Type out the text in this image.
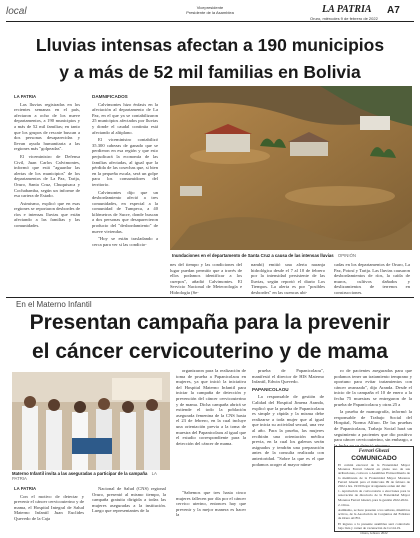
local	Vicepresidente
Presidente de la Asamblea	LA PATRIA
Oruro, miércoles 9 de febrero de 2022
A7
Lluvias intensas afectan a 190 municipios
y a más de 52 mil familias en Bolivia

LA PATRIA

Las lluvias registradas en los recientes semanas en el país, afectaron a ocho de los nueve departamentos, a 190 municipios y a más de 52 mil familias; en tanto que los grupos de rescate buscan a dos personas desaparecidas y llevan ayuda humanitaria a las regiones más "golpeadas".

El viceministro de Defensa Civil, Juan Carlos Calvimontes, informó que está "aguardar las alertas de los municipios" de los departamentos de La Paz, Tarija, Oruro, Santa Cruz, Chuquisaca y Cochabamba, según un informe de esa cartera de Estado.

Asimismo, explicó que en esas regiones se reportaron desbordes de ríos e intensas lluvias que están afectando a las familias y las comunidades.

DAMNIFICADOS

Calvimontes hizo énfasis en la afectación al departamento de La Paz, en el que ya se contabilizaron 25 municipios afectados por lluvias y donde el caudal continúa está afectando al altiplano.

El viceministro contabilizó 35.300 cabezas de ganado que se perdieron en esa región y que esto perjudicará la economía de las familias afectadas, al igual que la pérdida de las cosechas que, si bien en la pequeña escala, será un golpe para los consumidores del territorio.

Calvimontes dijo que un desbordamiento afectó a tres comunidades, en especial a la comunidad de Tumpeca, a 40 kilómetros de Sucre, donde buscan a dos personas que desaparecieron producto del "desbordamiento" de nueve viviendas.

"Hoy se están trasladando a cerca para ver si las condicio-

Inundaciones en el departamento de Santa Cruz a causa de las intensas lluvias OPINIÓN
nes del tiempo y las condiciones del lugar puedan permitir que a través de ellos podamos identificar a los cuerpos", añadió Calvimontes. El Servicio Nacional de Meteorología e Hidrología (Se-
nambi) emitió una alerta naranja hidrológica desde el 7 al 10 de febrero por la intensidad persistente de las lluvias, según reportó el diario Los Tiempos. La alerta es por "posibles desbordes" en las cuencas ubi-
cadas en los departamentos de Oruro, La Paz, Potosí y Tarija. Las lluvias causaron desbordamientos de ríos, la caída de muros, cultivos dañados y deslizamientos de terrenos en construcciones.
En el Materno Infantil
Presentan campaña para la prevenir
el cáncer cervicouterino y de mama
Materno Infantil invita a las aseguradas a participar de la campaña LA PATRIA

LA PATRIA

Con el motivo de detectar y prevenir el cáncer cervicouterino y de mama, el Hospital Integral de Salud Materno Infantil Juan Euclides Quevedo de la Caja

Nacional de Salud (CNS) regional Oruro, presentó al mismo tiempo, la campaña gratuita dirigida a todas las mujeres aseguradas a la institución. Luego que representantes de la

organizaron para la realización de toma de prueba a Papanicolaou en mujeres, ya que inició la iniciativa del Hospital Materno Infantil para iniciar la campaña de detección y prevención del cáncer cervicouterino y de mama. Dicha campaña abrirá se extiende el todo la población asegurada femenina de la CNS hasta el 23 de febrero, en la cual incluye una orientación previa a la toma de muestra del Papanicolaou al igual que el estudio correspondiente para la detección del cáncer de mama.

"Sabemos que tres hasta cinco mujeres fallecen por día por el cáncer cervico uterino, entonces hay que prevenir y la mejor manera es hacer la

prueba de Papanicolaou", manifestó el director de HIS Materno Infantil, Edwin Quevedo.

PAPANICOLAOU

La responsable de gestión de Calidad del Hospital Jimena Aranda, explicó que la prueba de Papanicolaou es simple y rápida y la misma debe realizarse a toda mujer que al igual que inicia su actividad sexual, una vez al año. Para la prueba, las mujeres recibirán una orientación médica previa, en la cual los galenos serán asignados y tendrán una preparación antes de la consulta realizada con anterioridad. "Sobre la que es el que podamos acoger al mayor núme-

ro de pacientes aseguradas para que podamos tener un tratamiento temprano y oportuno para evitar tratamientos con cáncer avanzado", dijo Aranda. Desde el inicio de la campaña el 10 de enero a la fecha 75 muestras se entregaron de la prueba de Papanicolaou y otras 25 a

la prueba de mamografía, informó la responsable de Trabajo Social del Hospital, Norma Alfaro. De las pruebas de Papanicolaou, Trabajo Social hará un seguimiento a pacientes que dio positivo para cáncer cervicouterino, sin embargo, a

Ferrari Ghezzi
COMUNICADO

El comité electoral de la Fraternidad Mayor Morenos Ferrari Ghezzi en pleno uso de sus atribuciones, convoca a Asamblea Extraordinaria de la membresía de la Fraternidad Mayor Morenos Ferrari Ghezzi para el miércoles 09 de febrero de 2022 a hrs. 19:00 llegar al siguiente orden del día:

1. Aprobación de convocatoria a elecciones para la renovación de directorio de la Fraternidad Mayor Morenos Ferrari Ghezzi, para la gestión 2022-2024.

2. Otros.

Asimismo, se hace presente a los señores, miembros activos, de la Asociación de Conjuntos del Folklore de Oruro ACFO.

El ingreso a la presente asamblea será controlado bajo lista y carnet de vacunación de Covid-19.

Oruro, febrero 2022
